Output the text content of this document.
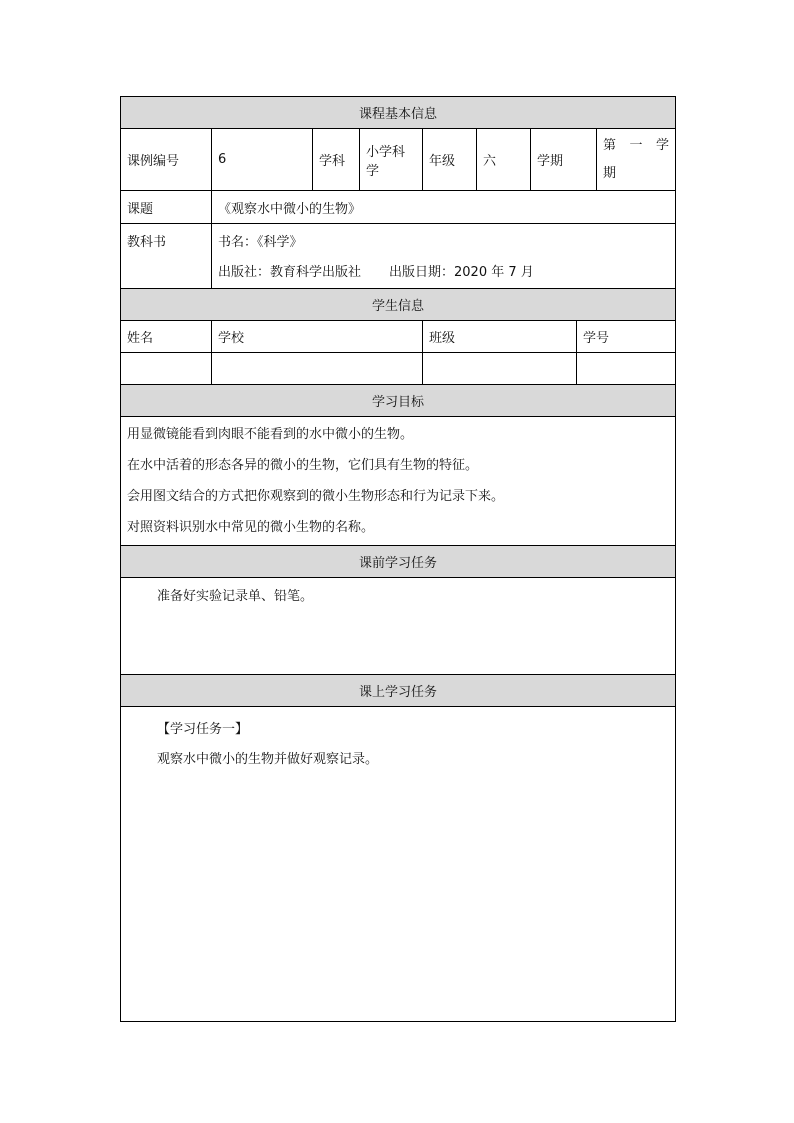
课程基本信息								
课例编号	6	学科	小学科学	年级	六	学期		第 一 学
期

课题	《观察水中微小的生物》							

教科书	书名：《科学》
出版社：教育科学出版社 出版日期：2020 年 7 月							

学生信息								
姓名	学校			班级			学号	

学习目标								

用显微镜能看到肉眼不能看到的水中微小的生物。
在水中活着的形态各异的微小的生物，它们具有生物的特征。
会用图文结合的方式把你观察到的微小生物形态和行为记录下来。
对照资料识别水中常见的微小生物的名称。								

课前学习任务								

准备好实验记录单、铅笔。								

课上学习任务								

【学习任务一】
观察水中微小的生物并做好观察记录。								
